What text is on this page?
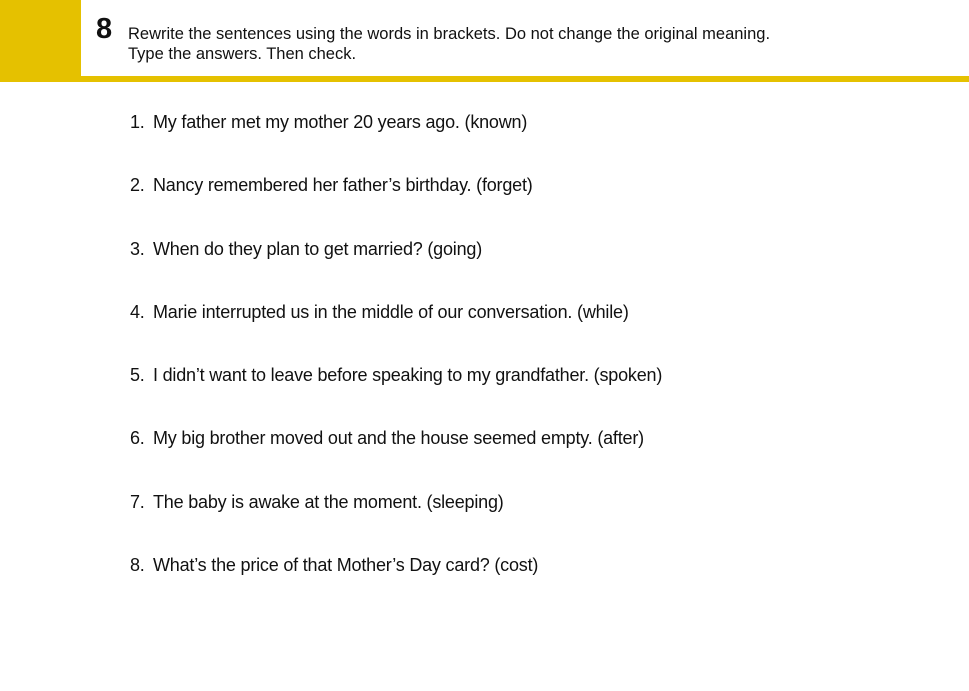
8 Rewrite the sentences using the words in brackets. Do not change the original meaning.
Type the answers. Then check.
1. My father met my mother 20 years ago. (known)
2. Nancy remembered her father’s birthday. (forget)
3. When do they plan to get married? (going)
4. Marie interrupted us in the middle of our conversation. (while)
5. I didn’t want to leave before speaking to my grandfather. (spoken)
6. My big brother moved out and the house seemed empty. (after)
7. The baby is awake at the moment. (sleeping)
8. What’s the price of that Mother’s Day card? (cost)
